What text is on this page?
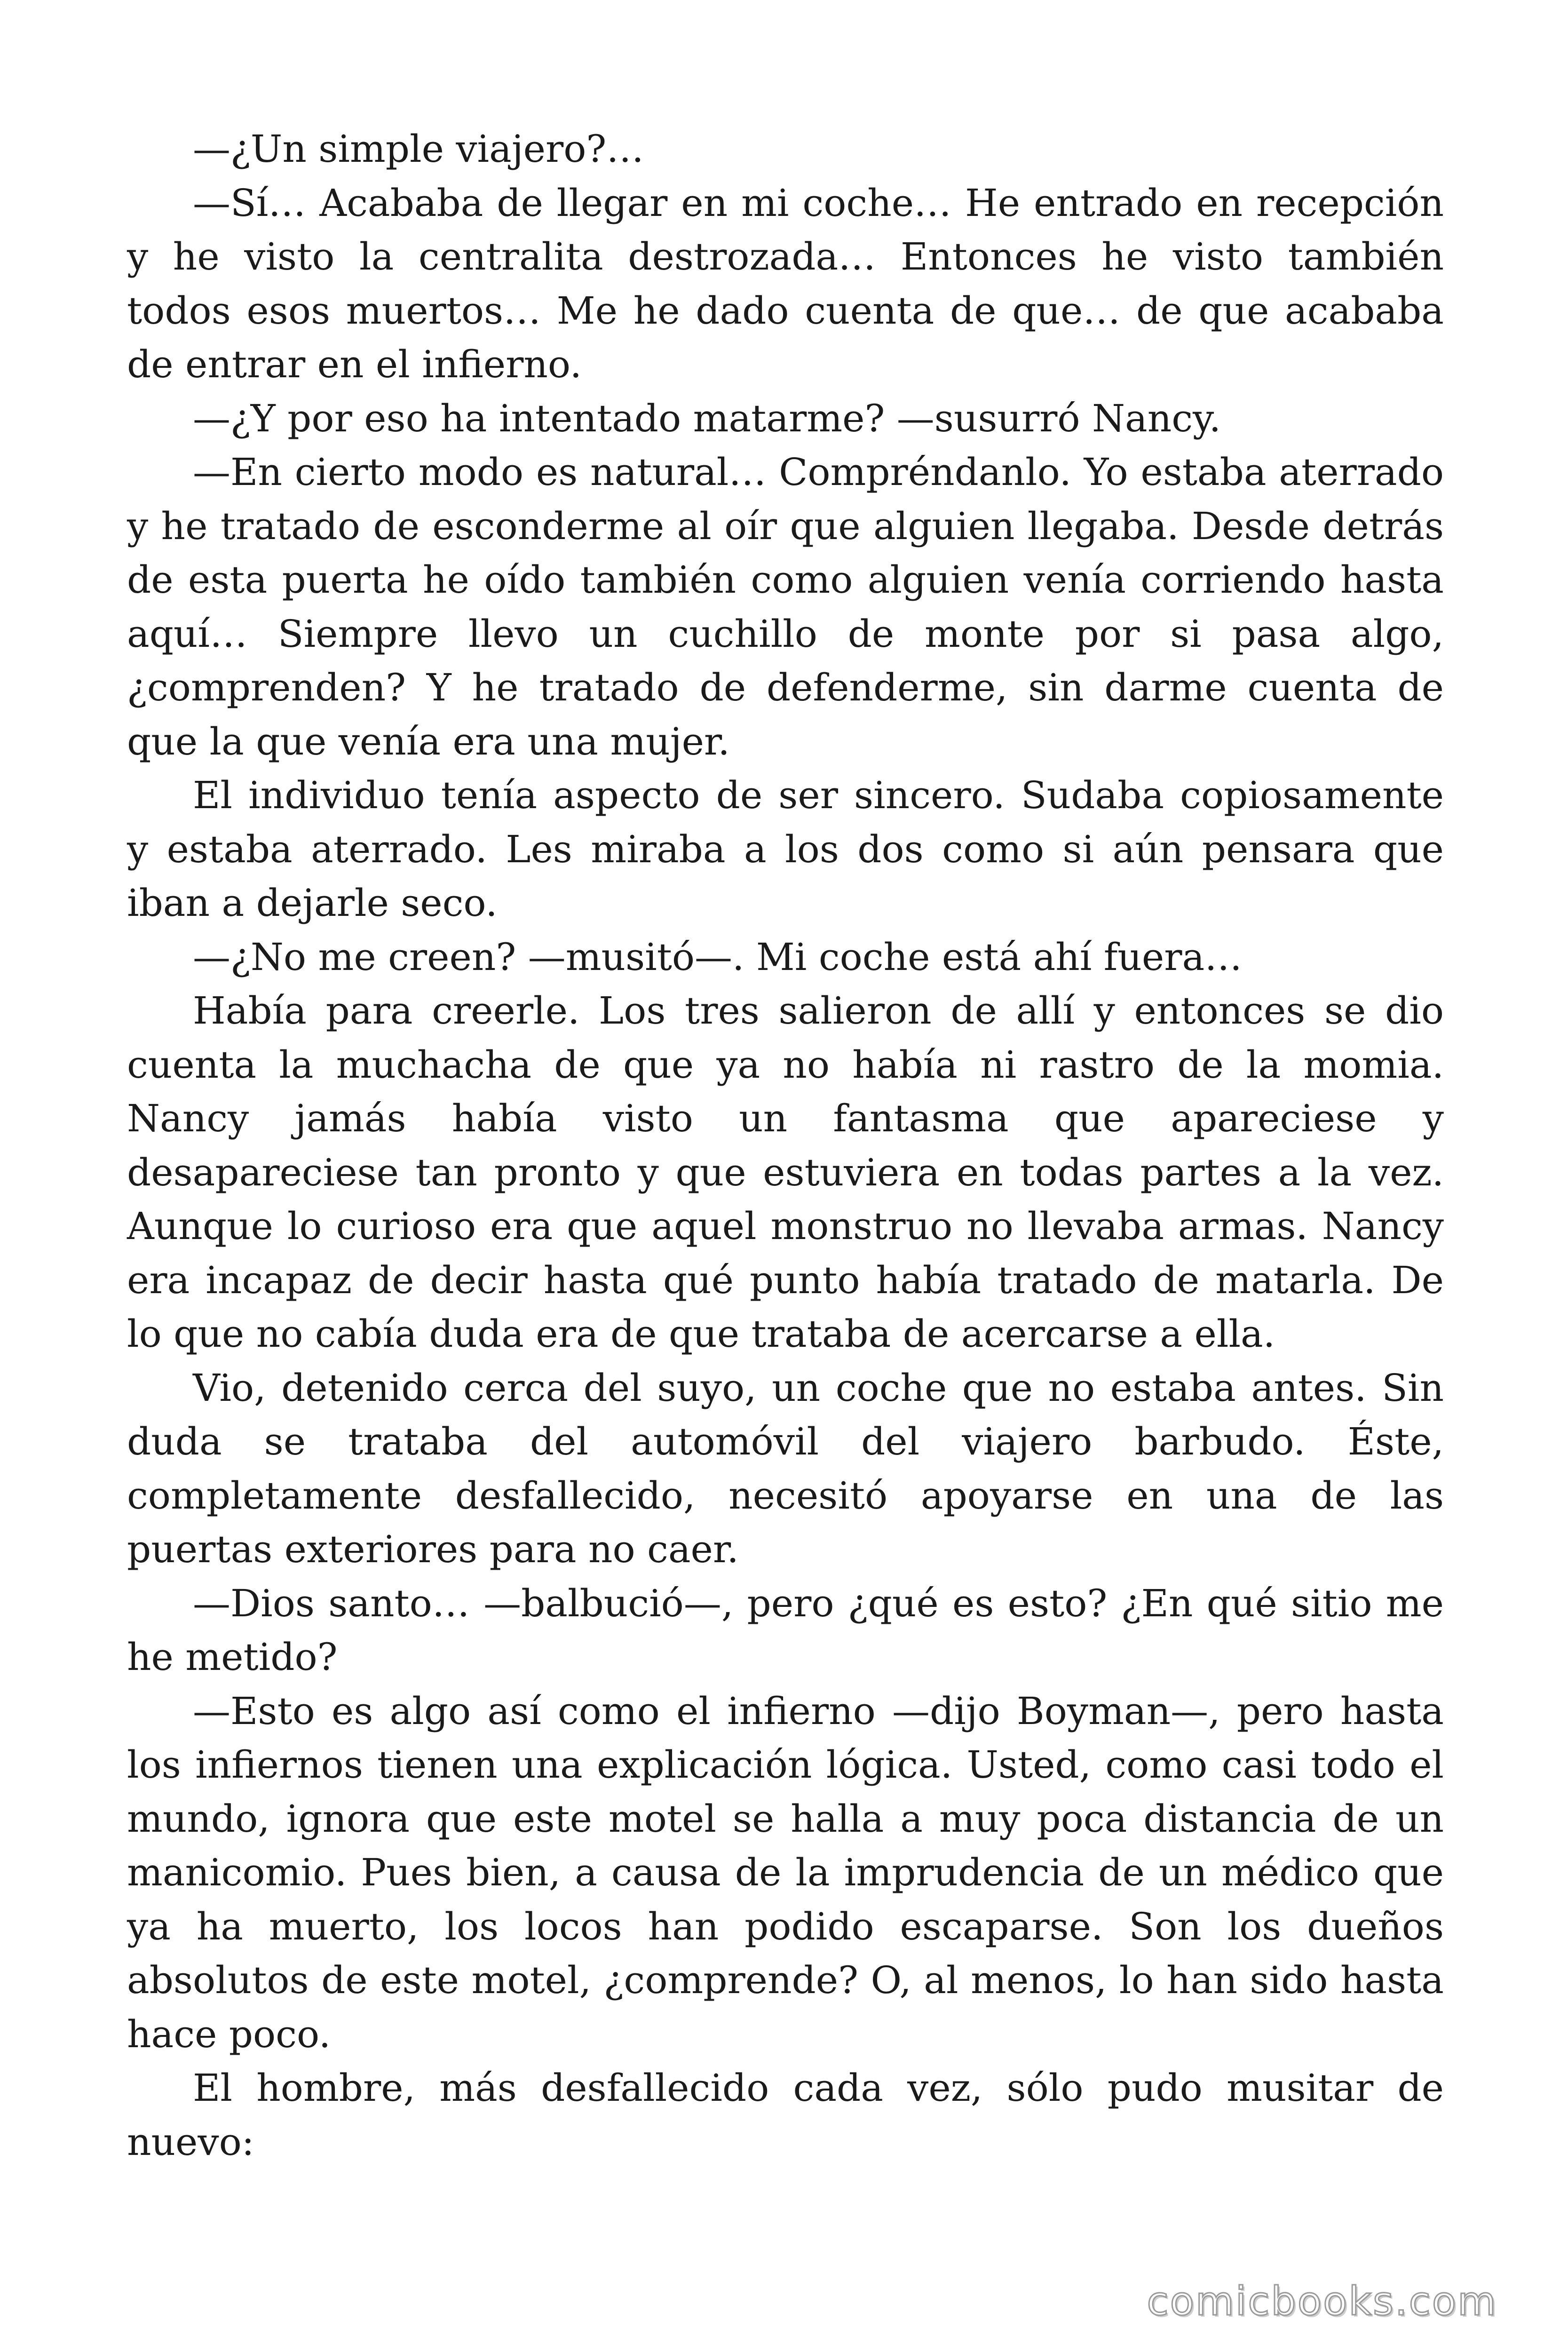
—¿Un simple viajero?…

—Sí… Acababa de llegar en mi coche… He entrado en recepción y he visto la centralita destrozada… Entonces he visto también todos esos muertos… Me he dado cuenta de que… de que acababa de entrar en el infierno.

—¿Y por eso ha intentado matarme? —susurró Nancy.

—En cierto modo es natural… Compréndanlo. Yo estaba aterrado y he tratado de esconderme al oír que alguien llegaba. Desde detrás de esta puerta he oído también como alguien venía corriendo hasta aquí… Siempre llevo un cuchillo de monte por si pasa algo, ¿comprenden? Y he tratado de defenderme, sin darme cuenta de que la que venía era una mujer.

El individuo tenía aspecto de ser sincero. Sudaba copiosamente y estaba aterrado. Les miraba a los dos como si aún pensara que iban a dejarle seco.

—¿No me creen? —musitó—. Mi coche está ahí fuera…

Había para creerle. Los tres salieron de allí y entonces se dio cuenta la muchacha de que ya no había ni rastro de la momia. Nancy jamás había visto un fantasma que apareciese y desapareciese tan pronto y que estuviera en todas partes a la vez. Aunque lo curioso era que aquel monstruo no llevaba armas. Nancy era incapaz de decir hasta qué punto había tratado de matarla. De lo que no cabía duda era de que trataba de acercarse a ella.

Vio, detenido cerca del suyo, un coche que no estaba antes. Sin duda se trataba del automóvil del viajero barbudo. Éste, completamente desfallecido, necesitó apoyarse en una de las puertas exteriores para no caer.

—Dios santo… —balbució—, pero ¿qué es esto? ¿En qué sitio me he metido?

—Esto es algo así como el infierno —dijo Boyman—, pero hasta los infiernos tienen una explicación lógica. Usted, como casi todo el mundo, ignora que este motel se halla a muy poca distancia de un manicomio. Pues bien, a causa de la imprudencia de un médico que ya ha muerto, los locos han podido escaparse. Son los dueños absolutos de este motel, ¿comprende? O, al menos, lo han sido hasta hace poco.

El hombre, más desfallecido cada vez, sólo pudo musitar de nuevo:

comicbooks.com
